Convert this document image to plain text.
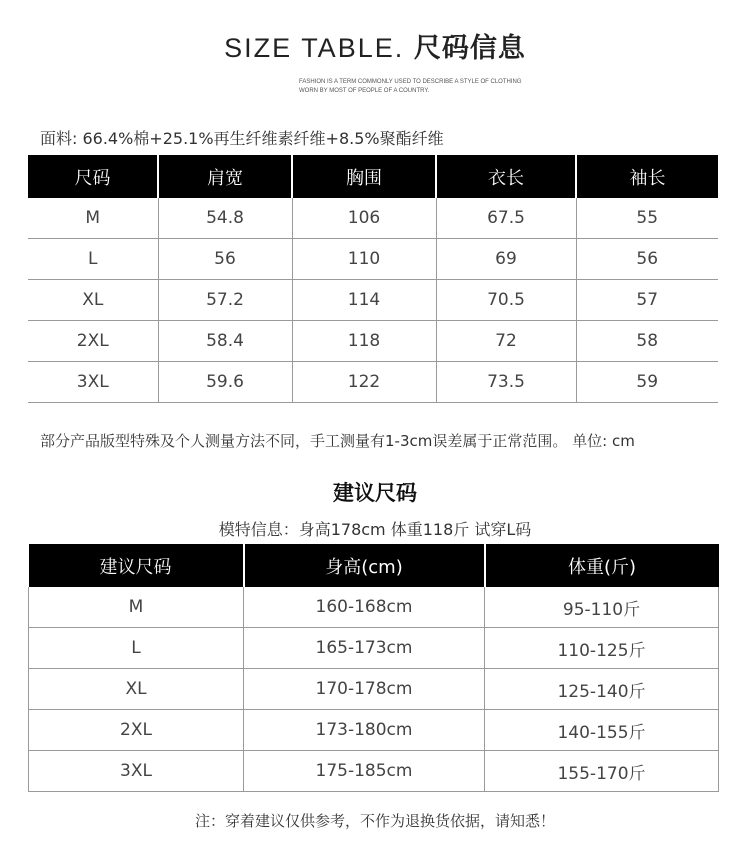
SIZE TABLE. 尺码信息
FASHION IS A TERM COMMONLY USED TO DESCRIBE A STYLE OF CLOTHING
WORN BY MOST OF PEOPLE OF A COUNTRY.
面料: 66.4%棉+25.1%再生纤维素纤维+8.5%聚酯纤维
尺码	肩宽	胸围	衣长	袖长
M	54.8	106	67.5	55
L	56	110	69	56
XL	57.2	114	70.5	57
2XL	58.4	118	72	58
3XL	59.6	122	73.5	59
部分产品版型特殊及个人测量方法不同，手工测量有1-3cm误差属于正常范围。 单位: cm
建议尺码
模特信息：身高178cm 体重118斤 试穿L码
建议尺码	身高(cm)	体重(斤)
M	160-168cm	95-110斤
L	165-173cm	110-125斤
XL	170-178cm	125-140斤
2XL	173-180cm	140-155斤
3XL	175-185cm	155-170斤
注：穿着建议仅供参考，不作为退换货依据，请知悉！
